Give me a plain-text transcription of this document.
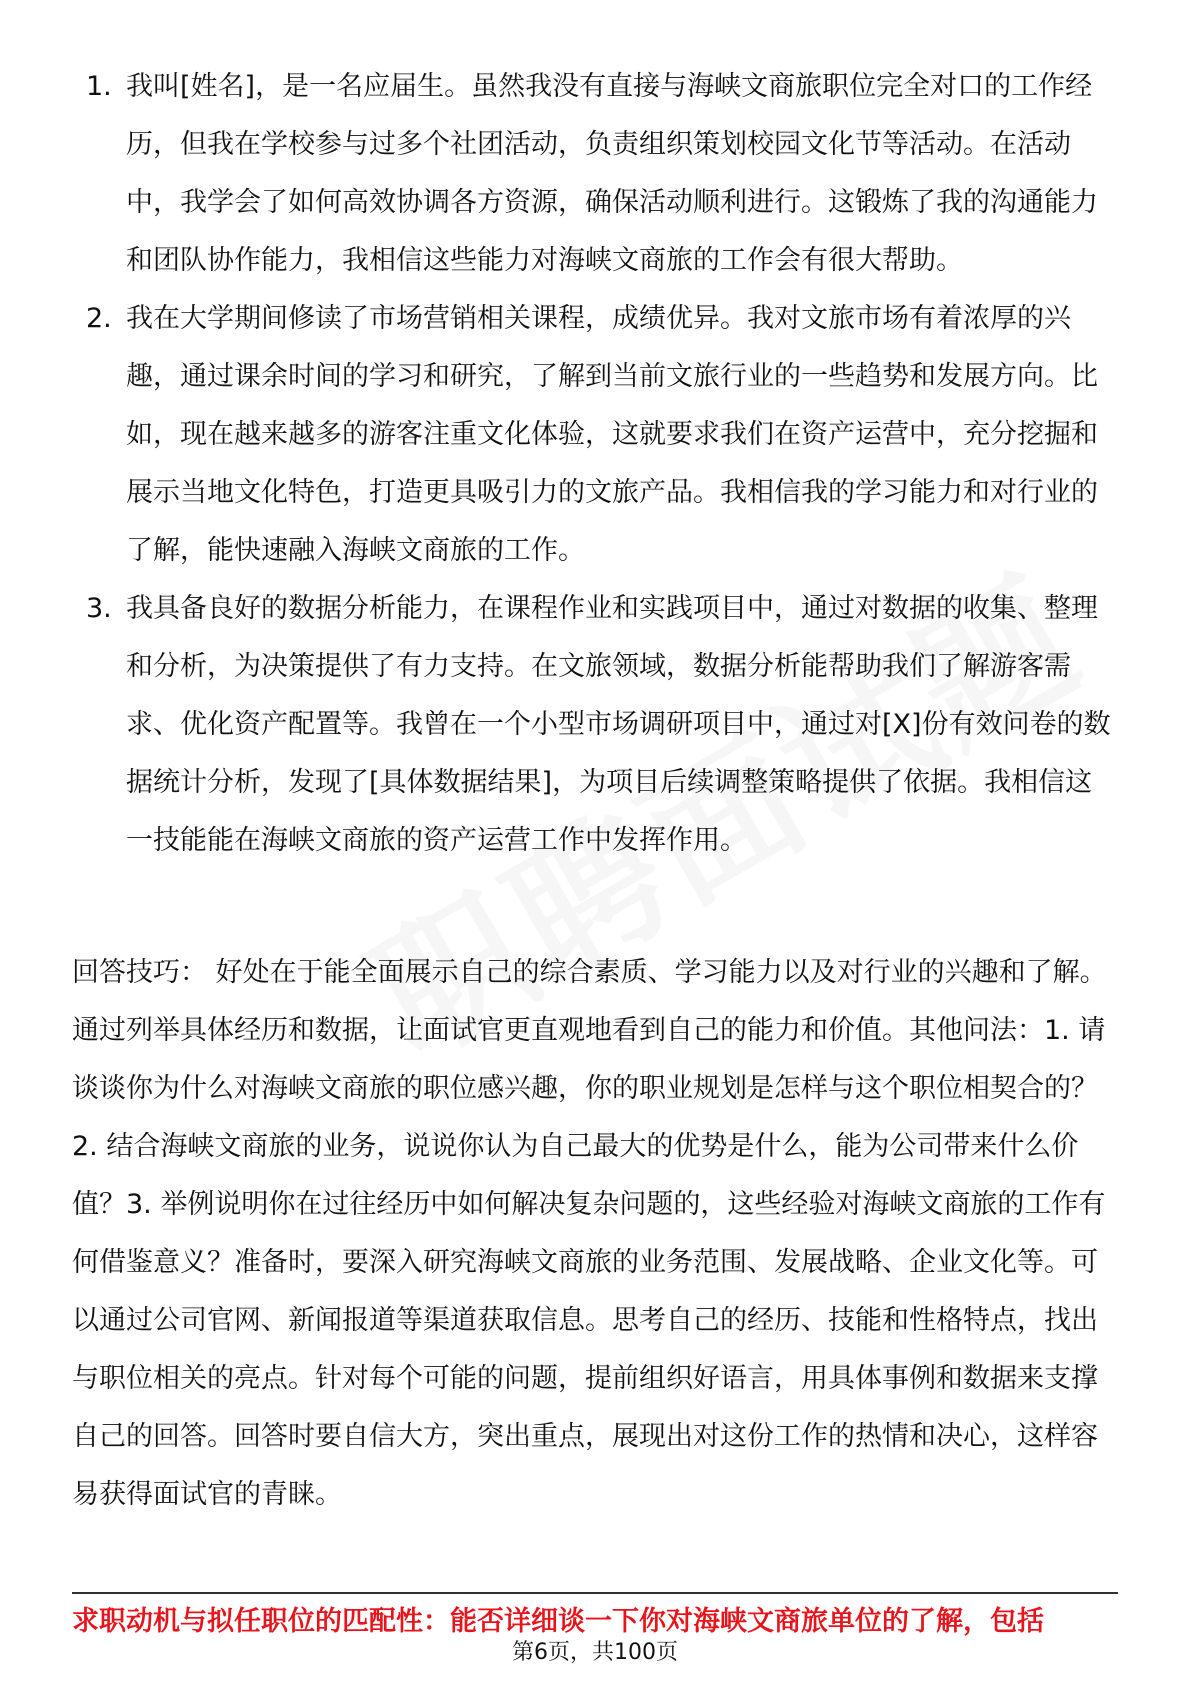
1. 我叫[姓名]，是一名应届生。虽然我没有直接与海峡文商旅职位完全对口的工作经历，但我在学校参与过多个社团活动，负责组织策划校园文化节等活动。在活动中，我学会了如何高效协调各方资源，确保活动顺利进行。这锻炼了我的沟通能力和团队协作能力，我相信这些能力对海峡文商旅的工作会有很大帮助。
2. 我在大学期间修读了市场营销相关课程，成绩优异。我对文旅市场有着浓厚的兴趣，通过课余时间的学习和研究，了解到当前文旅行业的一些趋势和发展方向。比如，现在越来越多的游客注重文化体验，这就要求我们在资产运营中，充分挖掘和展示当地文化特色，打造更具吸引力的文旅产品。我相信我的学习能力和对行业的了解，能快速融入海峡文商旅的工作。
3. 我具备良好的数据分析能力，在课程作业和实践项目中，通过对数据的收集、整理和分析，为决策提供了有力支持。在文旅领域，数据分析能帮助我们了解游客需求、优化资产配置等。我曾在一个小型市场调研项目中，通过对[X]份有效问卷的数据统计分析，发现了[具体数据结果]，为项目后续调整策略提供了依据。我相信这一技能能在海峡文商旅的资产运营工作中发挥作用。

回答技巧： 好处在于能全面展示自己的综合素质、学习能力以及对行业的兴趣和了解。通过列举具体经历和数据，让面试官更直观地看到自己的能力和价值。其他问法：1. 请谈谈你为什么对海峡文商旅的职位感兴趣，你的职业规划是怎样与这个职位相契合的？2. 结合海峡文商旅的业务，说说你认为自己最大的优势是什么，能为公司带来什么价值？3. 举例说明你在过往经历中如何解决复杂问题的，这些经验对海峡文商旅的工作有何借鉴意义？准备时，要深入研究海峡文商旅的业务范围、发展战略、企业文化等。可以通过公司官网、新闻报道等渠道获取信息。思考自己的经历、技能和性格特点，找出与职位相关的亮点。针对每个可能的问题，提前组织好语言，用具体事例和数据来支撑自己的回答。回答时要自信大方，突出重点，展现出对这份工作的热情和决心，这样容易获得面试官的青睐。

求职动机与拟任职位的匹配性：能否详细谈一下你对海峡文商旅单位的了解，包括
第6页，共100页
